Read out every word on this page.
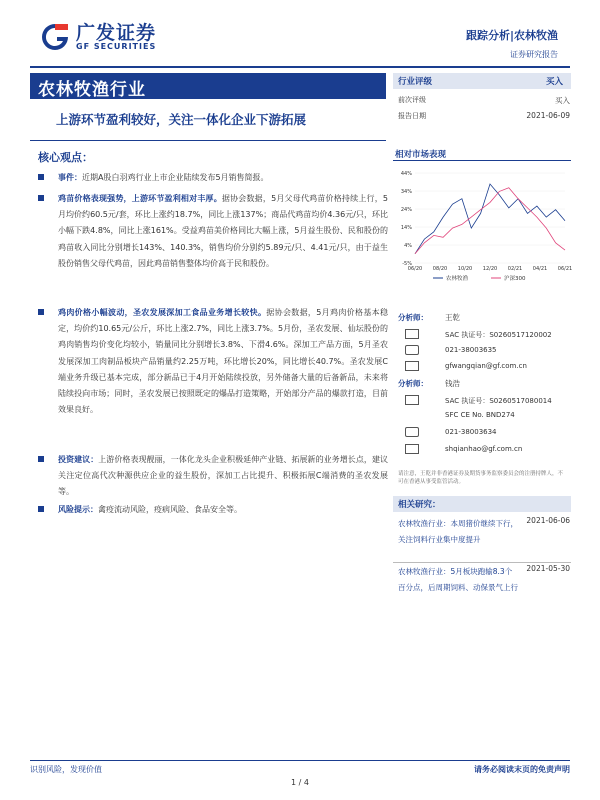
广发证券
GF SECURITIES
跟踪分析|农林牧渔
证券研究报告
农林牧渔行业
上游环节盈利较好，关注一体化企业下游拓展
行业评级	买入
前次评级	买入
报告日期	2021-06-09
核心观点：
事件：近期A股白羽鸡行业上市企业陆续发布5月销售简报。
鸡苗价格表现强势，上游环节盈利相对丰厚。据协会数据，5月父母代鸡苗价格持续上行，5月均价约60.5元/套，环比上涨约18.7%，同比上涨137%；商品代鸡苗均价4.36元/只，环比小幅下跌4.8%，同比上涨161%。受益鸡苗美价格同比大幅上涨，5月益生股份、民和股份的鸡苗收入同比分别增长143%、140.3%，销售均价分别约5.89元/只、4.41元/只，由于益生股份销售父母代鸡苗，因此鸡苗销售整体均价高于民和股份。
鸡肉价格小幅波动，圣农发展深加工食品业务增长较快。据协会数据，5月鸡肉价格基本稳定，均价约10.65元/公斤，环比上涨2.7%，同比上涨3.7%。5月份，圣农发展、仙坛股份的鸡肉销售均价变化均较小，销量同比分别增长3.8%、下滑4.6%。深加工产品方面，5月圣农发展深加工肉制品板块产品销量约2.25万吨，环比增长20%，同比增长40.7%。圣农发展C端业务升级已基本完成，部分新品已于4月开始陆续投放，另外储备大量的后备新品，未来将陆续投向市场；同时，圣农发展已按照既定的爆品打造策略，开始部分产品的爆款打造，目前效果良好。
投资建议：上游价格表现靓丽，一体化龙头企业积极延伸产业链、拓展新的业务增长点，建议关注定位高代次种源供应企业的益生股份，深加工占比提升、积极拓展C端消费的圣农发展等。
风险提示：禽疫流动风险，疫病风险、食品安全等。
相对市场表现
44%
34%
24%
14%
4%
-5%
06/20 08/20 10/20 12/20 02/21 04/21 06/21
农林牧渔	沪深300
分析师： 王乾
SAC 执证号：S0260517120002
021-38003635
gfwangqian@gf.com.cn
分析师： 钱浩
SAC 执证号：S0260517080014
SFC CE No. BND274
021-38003634
shqianhao@gf.com.cn
请注意，王乾并非香港证券及期货事务监察委员会的注册持牌人，不可在香港从事受监管活动。
相关研究：
农林牧渔行业：本周猪价继续下行，关注饲料行业集中度提升
2021-06-06
农林牧渔行业：5月板块跑输8.3个百分点，后周期饲料、动保景气上行
2021-05-30
识别风险，发现价值	请务必阅读末页的免责声明
1 / 4
